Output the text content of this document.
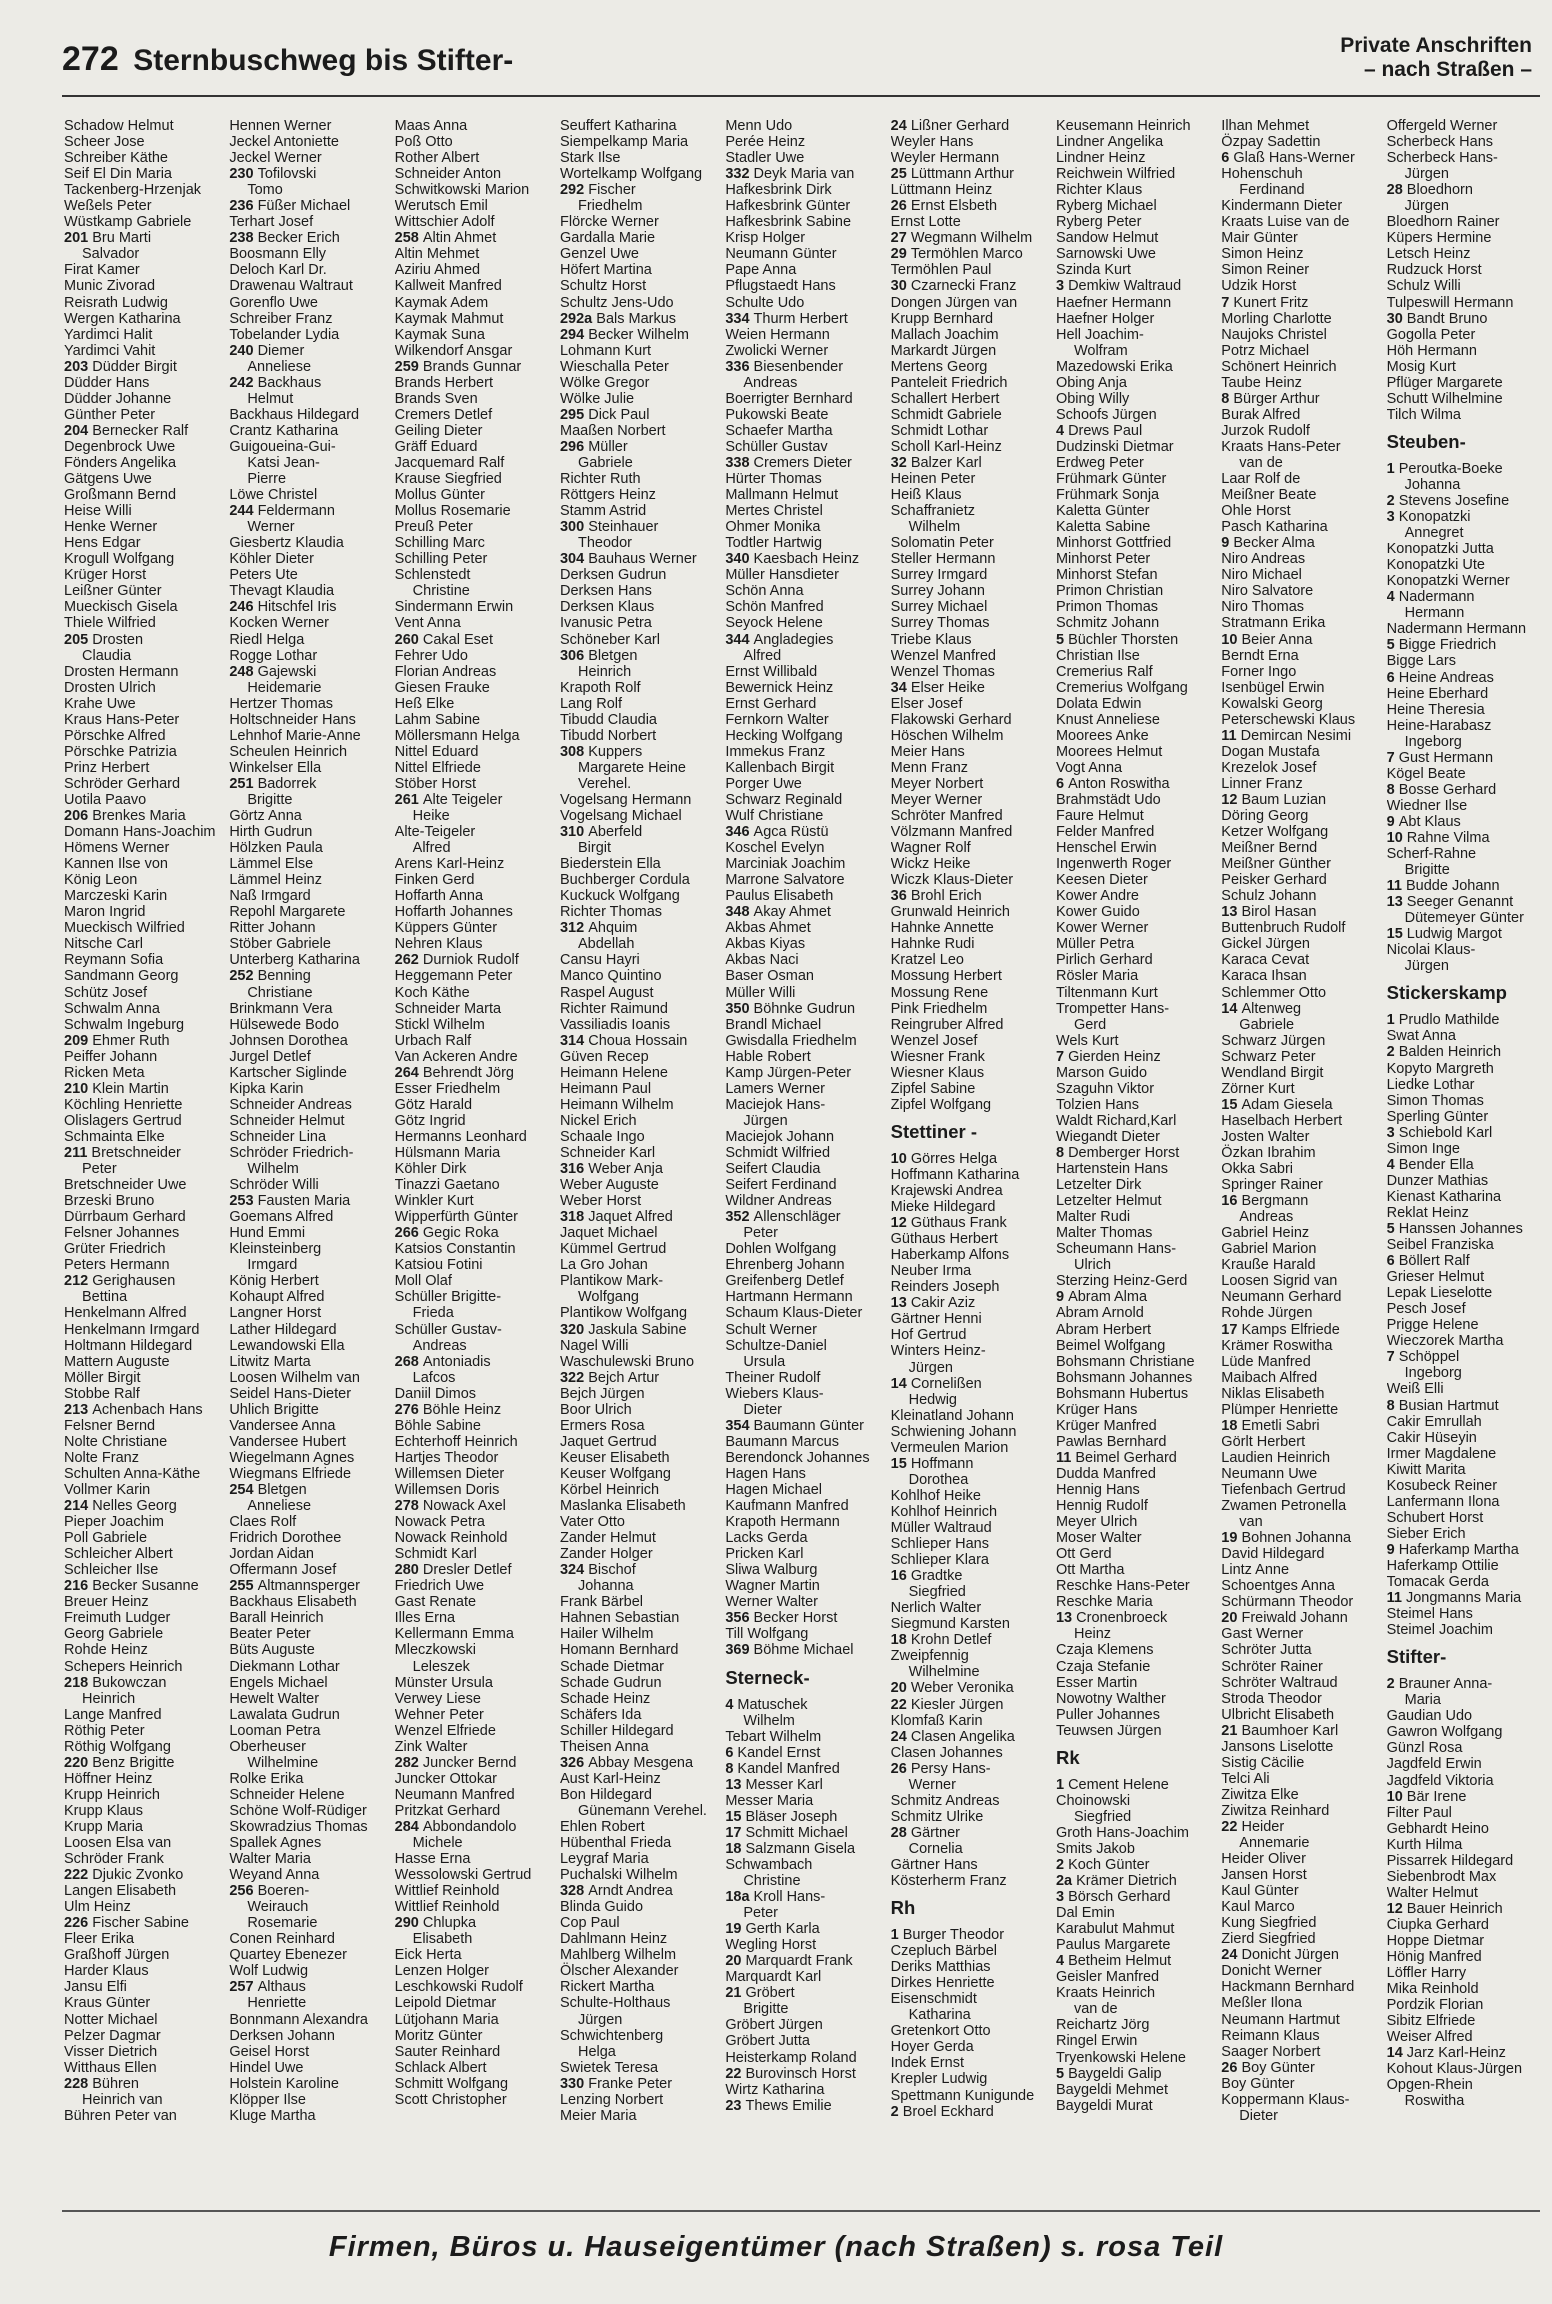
272 Sternbuschweg bis Stifter-	Private Anschriften
– nach Straßen –
Schadow Helmut
Scheer Jose
Schreiber Käthe
Seif El Din Maria
Tackenberg-Hrzenjak
Weßels Peter
Wüstkamp Gabriele
201 Bru Marti
Salvador
Firat Kamer
Munic Zivorad
Reisrath Ludwig
Wergen Katharina
Yardimci Halit
Yardimci Vahit
203 Düdder Birgit
Düdder Hans
Düdder Johanne
Günther Peter
204 Bernecker Ralf
Degenbrock Uwe
Fönders Angelika
Gätgens Uwe
Großmann Bernd
Heise Willi
Henke Werner
Hens Edgar
Krogull Wolfgang
Krüger Horst
Leißner Günter
Mueckisch Gisela
Thiele Wilfried
205 Drosten
Claudia
Drosten Hermann
Drosten Ulrich
Krahe Uwe
Kraus Hans-Peter
Pörschke Alfred
Pörschke Patrizia
Prinz Herbert
Schröder Gerhard
Uotila Paavo
206 Brenkes Maria
Domann Hans-Joachim
Hömens Werner
Kannen Ilse von
König Leon
Marczeski Karin
Maron Ingrid
Mueckisch Wilfried
Nitsche Carl
Reymann Sofia
Sandmann Georg
Schütz Josef
Schwalm Anna
Schwalm Ingeburg
209 Ehmer Ruth
Peiffer Johann
Ricken Meta
210 Klein Martin
Köchling Henriette
Olislagers Gertrud
Schmainta Elke
211 Bretschneider
Peter
Bretschneider Uwe
Brzeski Bruno
Dürrbaum Gerhard
Felsner Johannes
Grüter Friedrich
Peters Hermann
212 Gerighausen
Bettina
Henkelmann Alfred
Henkelmann Irmgard
Holtmann Hildegard
Mattern Auguste
Möller Birgit
Stobbe Ralf
213 Achenbach Hans
Felsner Bernd
Nolte Christiane
Nolte Franz
Schulten Anna-Käthe
Vollmer Karin
214 Nelles Georg
Pieper Joachim
Poll Gabriele
Schleicher Albert
Schleicher Ilse
216 Becker Susanne
Breuer Heinz
Freimuth Ludger
Georg Gabriele
Rohde Heinz
Schepers Heinrich
218 Bukowczan
Heinrich
Lange Manfred
Röthig Peter
Röthig Wolfgang
220 Benz Brigitte
Höffner Heinz
Krupp Heinrich
Krupp Klaus
Krupp Maria
Loosen Elsa van
Schröder Frank
222 Djukic Zvonko
Langen Elisabeth
Ulm Heinz
226 Fischer Sabine
Fleer Erika
Graßhoff Jürgen
Harder Klaus
Jansu Elfi
Kraus Günter
Notter Michael
Pelzer Dagmar
Visser Dietrich
Witthaus Ellen
228 Bühren
Heinrich van
Bühren Peter van
Hennen Werner
Jeckel Antoniette
Jeckel Werner
230 Tofilovski
Tomo
236 Füßer Michael
Terhart Josef
238 Becker Erich
Boosmann Elly
Deloch Karl Dr.
Drawenau Waltraut
Gorenflo Uwe
Schreiber Franz
Tobelander Lydia
240 Diemer
Anneliese
242 Backhaus
Helmut
Backhaus Hildegard
Crantz Katharina
Guigoueina-Gui-
Katsi Jean-
Pierre
Löwe Christel
244 Feldermann
Werner
Giesbertz Klaudia
Köhler Dieter
Peters Ute
Thevagt Klaudia
246 Hitschfel Iris
Kocken Werner
Riedl Helga
Rogge Lothar
248 Gajewski
Heidemarie
Hertzer Thomas
Holtschneider Hans
Lehnhof Marie-Anne
Scheulen Heinrich
Winkelser Ella
251 Badorrek
Brigitte
Görtz Anna
Hirth Gudrun
Hölzken Paula
Lämmel Else
Lämmel Heinz
Naß Irmgard
Repohl Margarete
Ritter Johann
Stöber Gabriele
Unterberg Katharina
252 Benning
Christiane
Brinkmann Vera
Hülsewede Bodo
Johnsen Dorothea
Jurgel Detlef
Kartscher Siglinde
Kipka Karin
Schneider Andreas
Schneider Helmut
Schneider Lina
Schröder Friedrich-
Wilhelm
Schröder Willi
253 Fausten Maria
Goemans Alfred
Hund Emmi
Kleinsteinberg
Irmgard
König Herbert
Kohaupt Alfred
Langner Horst
Lather Hildegard
Lewandowski Ella
Litwitz Marta
Loosen Wilhelm van
Seidel Hans-Dieter
Uhlich Brigitte
Vandersee Anna
Vandersee Hubert
Wiegelmann Agnes
Wiegmans Elfriede
254 Bletgen
Anneliese
Claes Rolf
Fridrich Dorothee
Jordan Aidan
Offermann Josef
255 Altmannsperger
Backhaus Elisabeth
Barall Heinrich
Beater Peter
Büts Auguste
Diekmann Lothar
Engels Michael
Hewelt Walter
Lawalata Gudrun
Looman Petra
Oberheuser
Wilhelmine
Rolke Erika
Schneider Helene
Schöne Wolf-Rüdiger
Skowradzius Thomas
Spallek Agnes
Walter Maria
Weyand Anna
256 Boeren-
Weirauch
Rosemarie
Conen Reinhard
Quartey Ebenezer
Wolf Ludwig
257 Althaus
Henriette
Bonnmann Alexandra
Derksen Johann
Geisel Horst
Hindel Uwe
Holstein Karoline
Klöpper Ilse
Kluge Martha
Maas Anna
Poß Otto
Rother Albert
Schneider Anton
Schwitkowski Marion
Werutsch Emil
Wittschier Adolf
258 Altin Ahmet
Altin Mehmet
Aziriu Ahmed
Kallweit Manfred
Kaymak Adem
Kaymak Mahmut
Kaymak Suna
Wilkendorf Ansgar
259 Brands Gunnar
Brands Herbert
Brands Sven
Cremers Detlef
Geiling Dieter
Gräff Eduard
Jacquemard Ralf
Krause Siegfried
Mollus Günter
Mollus Rosemarie
Preuß Peter
Schilling Marc
Schilling Peter
Schlenstedt
Christine
Sindermann Erwin
Vent Anna
260 Cakal Eset
Fehrer Udo
Florian Andreas
Giesen Frauke
Heß Elke
Lahm Sabine
Möllersmann Helga
Nittel Eduard
Nittel Elfriede
Stöber Horst
261 Alte Teigeler
Heike
Alte-Teigeler
Alfred
Arens Karl-Heinz
Finken Gerd
Hoffarth Anna
Hoffarth Johannes
Küppers Günter
Nehren Klaus
262 Durniok Rudolf
Heggemann Peter
Koch Käthe
Schneider Marta
Stickl Wilhelm
Urbach Ralf
Van Ackeren Andre
264 Behrendt Jörg
Esser Friedhelm
Götz Harald
Götz Ingrid
Hermanns Leonhard
Hülsmann Maria
Köhler Dirk
Tinazzi Gaetano
Winkler Kurt
Wipperfürth Günter
266 Gegic Roka
Katsios Constantin
Katsiou Fotini
Moll Olaf
Schüller Brigitte-
Frieda
Schüller Gustav-
Andreas
268 Antoniadis
Lafcos
Daniil Dimos
276 Böhle Heinz
Böhle Sabine
Echterhoff Heinrich
Hartjes Theodor
Willemsen Dieter
Willemsen Doris
278 Nowack Axel
Nowack Petra
Nowack Reinhold
Schmidt Karl
280 Dresler Detlef
Friedrich Uwe
Gast Renate
Illes Erna
Kellermann Emma
Mleczkowski
Leleszek
Münster Ursula
Verwey Liese
Wehner Peter
Wenzel Elfriede
Zink Walter
282 Juncker Bernd
Juncker Ottokar
Neumann Manfred
Pritzkat Gerhard
284 Abbondandolo
Michele
Hasse Erna
Wessolowski Gertrud
Wittlief Reinhold
Wittlief Reinhold
290 Chlupka
Elisabeth
Eick Herta
Lenzen Holger
Leschkowski Rudolf
Leipold Dietmar
Lütjohann Maria
Moritz Günter
Sauter Reinhard
Schlack Albert
Schmitt Wolfgang
Scott Christopher
Seuffert Katharina
Siempelkamp Maria
Stark Ilse
Wortelkamp Wolfgang
292 Fischer
Friedhelm
Flörcke Werner
Gardalla Marie
Genzel Uwe
Höfert Martina
Schultz Horst
Schultz Jens-Udo
292a Bals Markus
294 Becker Wilhelm
Lohmann Kurt
Wieschalla Peter
Wölke Gregor
Wölke Julie
295 Dick Paul
Maaßen Norbert
296 Müller
Gabriele
Richter Ruth
Röttgers Heinz
Stamm Astrid
300 Steinhauer
Theodor
304 Bauhaus Werner
Derksen Gudrun
Derksen Hans
Derksen Klaus
Ivanusic Petra
Schöneber Karl
306 Bletgen
Heinrich
Krapoth Rolf
Lang Rolf
Tibudd Claudia
Tibudd Norbert
308 Kuppers
Margarete Heine
Verehel.
Vogelsang Hermann
Vogelsang Michael
310 Aberfeld
Birgit
Biederstein Ella
Buchberger Cordula
Kuckuck Wolfgang
Richter Thomas
312 Ahquim
Abdellah
Cansu Hayri
Manco Quintino
Raspel August
Richter Raimund
Vassiliadis Ioanis
314 Choua Hossain
Güven Recep
Heimann Helene
Heimann Paul
Heimann Wilhelm
Nickel Erich
Schaale Ingo
Schneider Karl
316 Weber Anja
Weber Auguste
Weber Horst
318 Jaquet Alfred
Jaquet Michael
Kümmel Gertrud
La Gro Johan
Plantikow Mark-
Wolfgang
Plantikow Wolfgang
320 Jaskula Sabine
Nagel Willi
Waschulewski Bruno
322 Bejch Artur
Bejch Jürgen
Boor Ulrich
Ermers Rosa
Jaquet Gertrud
Keuser Elisabeth
Keuser Wolfgang
Körbel Heinrich
Maslanka Elisabeth
Vater Otto
Zander Helmut
Zander Holger
324 Bischof
Johanna
Frank Bärbel
Hahnen Sebastian
Hailer Wilhelm
Homann Bernhard
Schade Dietmar
Schade Gudrun
Schade Heinz
Schäfers Ida
Schiller Hildegard
Theisen Anna
326 Abbay Mesgena
Aust Karl-Heinz
Bon Hildegard
Günemann Verehel.
Ehlen Robert
Hübenthal Frieda
Leygraf Maria
Puchalski Wilhelm
328 Arndt Andrea
Blinda Guido
Cop Paul
Dahlmann Heinz
Mahlberg Wilhelm
Ölscher Alexander
Rickert Martha
Schulte-Holthaus
Jürgen
Schwichtenberg
Helga
Swietek Teresa
330 Franke Peter
Lenzing Norbert
Meier Maria
Menn Udo
Perée Heinz
Stadler Uwe
332 Deyk Maria van
Hafkesbrink Dirk
Hafkesbrink Günter
Hafkesbrink Sabine
Krisp Holger
Neumann Günter
Pape Anna
Pflugstaedt Hans
Schulte Udo
334 Thurm Herbert
Weien Hermann
Zwolicki Werner
336 Biesenbender
Andreas
Boerrigter Bernhard
Pukowski Beate
Schaefer Martha
Schüller Gustav
338 Cremers Dieter
Hürter Thomas
Mallmann Helmut
Mertes Christel
Ohmer Monika
Todtler Hartwig
340 Kaesbach Heinz
Müller Hansdieter
Schön Anna
Schön Manfred
Seyock Helene
344 Angladegies
Alfred
Ernst Willibald
Bewernick Heinz
Ernst Gerhard
Fernkorn Walter
Hecking Wolfgang
Immekus Franz
Kallenbach Birgit
Porger Uwe
Schwarz Reginald
Wulf Christiane
346 Agca Rüstü
Koschel Evelyn
Marciniak Joachim
Marrone Salvatore
Paulus Elisabeth
348 Akay Ahmet
Akbas Ahmet
Akbas Kiyas
Akbas Naci
Baser Osman
Müller Willi
350 Böhnke Gudrun
Brandl Michael
Gwisdalla Friedhelm
Hable Robert
Kamp Jürgen-Peter
Lamers Werner
Maciejok Hans-
Jürgen
Maciejok Johann
Schmidt Wilfried
Seifert Claudia
Seifert Ferdinand
Wildner Andreas
352 Allenschläger
Peter
Dohlen Wolfgang
Ehrenberg Johann
Greifenberg Detlef
Hartmann Hermann
Schaum Klaus-Dieter
Schult Werner
Schultze-Daniel
Ursula
Theiner Rudolf
Wiebers Klaus-
Dieter
354 Baumann Günter
Baumann Marcus
Berendonck Johannes
Hagen Hans
Hagen Michael
Kaufmann Manfred
Krapoth Hermann
Lacks Gerda
Pricken Karl
Sliwa Walburg
Wagner Martin
Werner Walter
356 Becker Horst
Till Wolfgang
369 Böhme Michael
Sterneck-
4 Matuschek
Wilhelm
Tebart Wilhelm
6 Kandel Ernst
8 Kandel Manfred
13 Messer Karl
Messer Maria
15 Bläser Joseph
17 Schmitt Michael
18 Salzmann Gisela
Schwambach
Christine
18a Kroll Hans-
Peter
19 Gerth Karla
Wegling Horst
20 Marquardt Frank
Marquardt Karl
21 Gröbert
Brigitte
Gröbert Jürgen
Gröbert Jutta
Heisterkamp Roland
22 Burovinsch Horst
Wirtz Katharina
23 Thews Emilie
24 Lißner Gerhard
Weyler Hans
Weyler Hermann
25 Lüttmann Arthur
Lüttmann Heinz
26 Ernst Elsbeth
Ernst Lotte
27 Wegmann Wilhelm
29 Termöhlen Marco
Termöhlen Paul
30 Czarnecki Franz
Dongen Jürgen van
Krupp Bernhard
Mallach Joachim
Markardt Jürgen
Mertens Georg
Panteleit Friedrich
Schallert Herbert
Schmidt Gabriele
Schmidt Lothar
Scholl Karl-Heinz
32 Balzer Karl
Heinen Peter
Heiß Klaus
Schaffranietz
Wilhelm
Solomatin Peter
Steller Hermann
Surrey Irmgard
Surrey Johann
Surrey Michael
Surrey Thomas
Triebe Klaus
Wenzel Manfred
Wenzel Thomas
34 Elser Heike
Elser Josef
Flakowski Gerhard
Höschen Wilhelm
Meier Hans
Menn Franz
Meyer Norbert
Meyer Werner
Schröter Manfred
Völzmann Manfred
Wagner Rolf
Wickz Heike
Wiczk Klaus-Dieter
36 Brohl Erich
Grunwald Heinrich
Hahnke Annette
Hahnke Rudi
Kratzel Leo
Mossung Herbert
Mossung Rene
Pink Friedhelm
Reingruber Alfred
Wenzel Josef
Wiesner Frank
Wiesner Klaus
Zipfel Sabine
Zipfel Wolfgang
Stettiner -
10 Görres Helga
Hoffmann Katharina
Krajewski Andrea
Mieke Hildegard
12 Güthaus Frank
Güthaus Herbert
Haberkamp Alfons
Neuber Irma
Reinders Joseph
13 Cakir Aziz
Gärtner Henni
Hof Gertrud
Winters Heinz-
Jürgen
14 Cornelißen
Hedwig
Kleinatland Johann
Schwiening Johann
Vermeulen Marion
15 Hoffmann
Dorothea
Kohlhof Heike
Kohlhof Heinrich
Müller Waltraud
Schlieper Hans
Schlieper Klara
16 Gradtke
Siegfried
Nerlich Walter
Siegmund Karsten
18 Krohn Detlef
Zweipfennig
Wilhelmine
20 Weber Veronika
22 Kiesler Jürgen
Klomfaß Karin
24 Clasen Angelika
Clasen Johannes
26 Persy Hans-
Werner
Schmitz Andreas
Schmitz Ulrike
28 Gärtner
Cornelia
Gärtner Hans
Kösterherm Franz
Rh
1 Burger Theodor
Czepluch Bärbel
Deriks Matthias
Dirkes Henriette
Eisenschmidt
Katharina
Gretenkort Otto
Hoyer Gerda
Indek Ernst
Krepler Ludwig
Spettmann Kunigunde
2 Broel Eckhard
Keusemann Heinrich
Lindner Angelika
Lindner Heinz
Reichwein Wilfried
Richter Klaus
Ryberg Michael
Ryberg Peter
Sandow Helmut
Sarnowski Uwe
Szinda Kurt
3 Demkiw Waltraud
Haefner Hermann
Haefner Holger
Hell Joachim-
Wolfram
Mazedowski Erika
Obing Anja
Obing Willy
Schoofs Jürgen
4 Drews Paul
Dudzinski Dietmar
Erdweg Peter
Frühmark Günter
Frühmark Sonja
Kaletta Günter
Kaletta Sabine
Minhorst Gottfried
Minhorst Peter
Minhorst Stefan
Primon Christian
Primon Thomas
Schmitz Johann
5 Büchler Thorsten
Christian Ilse
Cremerius Ralf
Cremerius Wolfgang
Dolata Edwin
Knust Anneliese
Moorees Anke
Moorees Helmut
Vogt Anna
6 Anton Roswitha
Brahmstädt Udo
Faure Helmut
Felder Manfred
Henschel Erwin
Ingenwerth Roger
Keesen Dieter
Kower Andre
Kower Guido
Kower Werner
Müller Petra
Pirlich Gerhard
Rösler Maria
Tiltenmann Kurt
Trompetter Hans-
Gerd
Wels Kurt
7 Gierden Heinz
Marson Guido
Szaguhn Viktor
Tolzien Hans
Waldt Richard,Karl
Wiegandt Dieter
8 Demberger Horst
Hartenstein Hans
Letzelter Dirk
Letzelter Helmut
Malter Rudi
Malter Thomas
Scheumann Hans-
Ulrich
Sterzing Heinz-Gerd
9 Abram Alma
Abram Arnold
Abram Herbert
Beimel Wolfgang
Bohsmann Christiane
Bohsmann Johannes
Bohsmann Hubertus
Krüger Hans
Krüger Manfred
Pawlas Bernhard
11 Beimel Gerhard
Dudda Manfred
Hennig Hans
Hennig Rudolf
Meyer Ulrich
Moser Walter
Ott Gerd
Ott Martha
Reschke Hans-Peter
Reschke Maria
13 Cronenbroeck
Heinz
Czaja Klemens
Czaja Stefanie
Esser Martin
Nowotny Walther
Puller Johannes
Teuwsen Jürgen
Rk
1 Cement Helene
Choinowski
Siegfried
Groth Hans-Joachim
Smits Jakob
2 Koch Günter
2a Krämer Dietrich
3 Börsch Gerhard
Dal Emin
Karabulut Mahmut
Paulus Margarete
4 Betheim Helmut
Geisler Manfred
Kraats Heinrich
van de
Reichartz Jörg
Ringel Erwin
Tryenkowski Helene
5 Baygeldi Galip
Baygeldi Mehmet
Baygeldi Murat
Ilhan Mehmet
Özpay Sadettin
6 Glaß Hans-Werner
Hohenschuh
Ferdinand
Kindermann Dieter
Kraats Luise van de
Mair Günter
Simon Heinz
Simon Reiner
Udzik Horst
7 Kunert Fritz
Morling Charlotte
Naujoks Christel
Potrz Michael
Schönert Heinrich
Taube Heinz
8 Bürger Arthur
Burak Alfred
Jurzok Rudolf
Kraats Hans-Peter
van de
Laar Rolf de
Meißner Beate
Ohle Horst
Pasch Katharina
9 Becker Alma
Niro Andreas
Niro Michael
Niro Salvatore
Niro Thomas
Stratmann Erika
10 Beier Anna
Berndt Erna
Forner Ingo
Isenbügel Erwin
Kowalski Georg
Peterschewski Klaus
11 Demircan Nesimi
Dogan Mustafa
Krezelok Josef
Linner Franz
12 Baum Luzian
Döring Georg
Ketzer Wolfgang
Meißner Bernd
Meißner Günther
Peisker Gerhard
Schulz Johann
13 Birol Hasan
Buttenbruch Rudolf
Gickel Jürgen
Karaca Cevat
Karaca Ihsan
Schlemmer Otto
14 Altenweg
Gabriele
Schwarz Jürgen
Schwarz Peter
Wendland Birgit
Zörner Kurt
15 Adam Giesela
Haselbach Herbert
Josten Walter
Özkan Ibrahim
Okka Sabri
Springer Rainer
16 Bergmann
Andreas
Gabriel Heinz
Gabriel Marion
Krauße Harald
Loosen Sigrid van
Neumann Gerhard
Rohde Jürgen
17 Kamps Elfriede
Krämer Roswitha
Lüde Manfred
Maibach Alfred
Niklas Elisabeth
Plümper Henriette
18 Emetli Sabri
Görlt Herbert
Laudien Heinrich
Neumann Uwe
Tiefenbach Gertrud
Zwamen Petronella
van
19 Bohnen Johanna
David Hildegard
Lintz Anne
Schoentges Anna
Schürmann Theodor
20 Freiwald Johann
Gast Werner
Schröter Jutta
Schröter Rainer
Schröter Waltraud
Stroda Theodor
Ulbricht Elisabeth
21 Baumhoer Karl
Jansons Liselotte
Sistig Cäcilie
Telci Ali
Ziwitza Elke
Ziwitza Reinhard
22 Heider
Annemarie
Heider Oliver
Jansen Horst
Kaul Günter
Kaul Marco
Kung Siegfried
Zierd Siegfried
24 Donicht Jürgen
Donicht Werner
Hackmann Bernhard
Meßler Ilona
Neumann Hartmut
Reimann Klaus
Saager Norbert
26 Boy Günter
Boy Günter
Koppermann Klaus-
Dieter
Offergeld Werner
Scherbeck Hans
Scherbeck Hans-
Jürgen
28 Bloedhorn
Jürgen
Bloedhorn Rainer
Küpers Hermine
Letsch Heinz
Rudzuck Horst
Schulz Willi
Tulpeswill Hermann
30 Bandt Bruno
Gogolla Peter
Höh Hermann
Mosig Kurt
Pflüger Margarete
Schutt Wilhelmine
Tilch Wilma
Steuben-
1 Peroutka-Boeke
Johanna
2 Stevens Josefine
3 Konopatzki
Annegret
Konopatzki Jutta
Konopatzki Ute
Konopatzki Werner
4 Nadermann
Hermann
Nadermann Hermann
5 Bigge Friedrich
Bigge Lars
6 Heine Andreas
Heine Eberhard
Heine Theresia
Heine-Harabasz
Ingeborg
7 Gust Hermann
Kögel Beate
8 Bosse Gerhard
Wiedner Ilse
9 Abt Klaus
10 Rahne Vilma
Scherf-Rahne
Brigitte
11 Budde Johann
13 Seeger Genannt
Dütemeyer Günter
15 Ludwig Margot
Nicolai Klaus-
Jürgen
Stickerskamp
1 Prudlo Mathilde
Swat Anna
2 Balden Heinrich
Kopyto Margreth
Liedke Lothar
Simon Thomas
Sperling Günter
3 Schiebold Karl
Simon Inge
4 Bender Ella
Dunzer Mathias
Kienast Katharina
Reklat Heinz
5 Hanssen Johannes
Seibel Franziska
6 Böllert Ralf
Grieser Helmut
Lepak Lieselotte
Pesch Josef
Prigge Helene
Wieczorek Martha
7 Schöppel
Ingeborg
Weiß Elli
8 Busian Hartmut
Cakir Emrullah
Cakir Hüseyin
Irmer Magdalene
Kiwitt Marita
Kosubeck Reiner
Lanfermann Ilona
Schubert Horst
Sieber Erich
9 Haferkamp Martha
Haferkamp Ottilie
Tomacak Gerda
11 Jongmanns Maria
Steimel Hans
Steimel Joachim
Stifter-
2 Brauner Anna-
Maria
Gaudian Udo
Gawron Wolfgang
Günzl Rosa
Jagdfeld Erwin
Jagdfeld Viktoria
10 Bär Irene
Filter Paul
Gebhardt Heino
Kurth Hilma
Pissarrek Hildegard
Siebenbrodt Max
Walter Helmut
12 Bauer Heinrich
Ciupka Gerhard
Hoppe Dietmar
Hönig Manfred
Löffler Harry
Mika Reinhold
Pordzik Florian
Sibitz Elfriede
Weiser Alfred
14 Jarz Karl-Heinz
Kohout Klaus-Jürgen
Opgen-Rhein
Roswitha
Firmen, Büros u. Hauseigentümer (nach Straßen) s. rosa Teil
